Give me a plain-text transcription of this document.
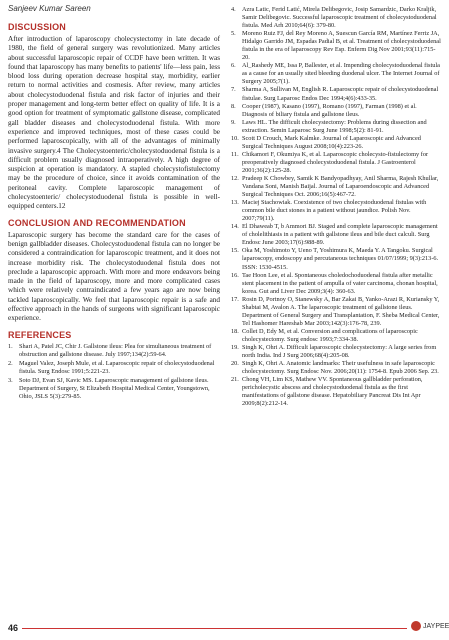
Sanjeev Kumar Sareen
DISCUSSION

After introduction of laparoscopy cholecystectomy in late decade of 1980, the field of general surgery was revolutionized. Many articles about successful laparoscopic repair of CCDF have been written. It was found that laparoscopy has many benefits to patients' life—less pain, less blood loss during operation decrease hospital stay, morbidity, earlier return to normal activities and cosmesis. After review, many articles about cholecystoduodenal fistula and risk factor of injuries and their proper management and long-term better effect on quality of life. It is a good option for treatment of symptomatic gallstone disease, complicated gall bladder diseases and cholecystoduodenal fistula. With more experience and improved techniques, most of these cases could be performed laparoscopically, with all of the advantages of minimally invasive surgery.4 The Cholecystoenteric/cholecystoduodenal fistula is a difficult problem usually diagnosed intraoperatively. A high degree of suspicion at operation is mandatory. A stapled cholecystofistulectomy may be the procedure of choice, since it avoids contamination of the peritoneal cavity. Complete laparoscopic management of cholecystoenteric/ cholecystoduodenal fistula is possible in well-equipped centers.12

CONCLUSION AND RECOMMENDATION

Laparoscopic surgery has become the standard care for the cases of benign gallbladder diseases. Cholecystoduodenal fistula can no longer be considered a contraindication for laparoscopic treatment, and it does not increase morbidity risk. The cholecystoduodenal fistula does not preclude a laparoscopic approach. With more and more endeavors being made in the field of laparoscopy, more and more complicated cases which were relatively contraindicated a few years ago are now being tackled laparoscopically. We feel that laparoscopic repair is a safe and effective approach in the hands of surgeons with significant laparoscopic experience.

REFERENCES
1. Shari A, Patel JC, Chir J. Gallstone ileus: Plea for simultaneous treatment of obstruction and gallstone disease. July 1997;134(2):59-64.
2. Maguel Valez, Joseph Mule, et al. Laparoscopic repair of cholecystoduodenal fistula. Surg Endosc 1991;5:221-23.
3. Soto DJ, Evan SJ, Kavic MS. Laparoscopic management of gallstone ileus. Department of Surgery, St Elizabeth Hospital Medical Center, Youngstown, Ohio, JSLS 5(3):279-85.
4. Azra Latic, Ferid Latić, Mirela Delibegovic, Josip Samardzic, Darko Kraljik, Samir Delibegovic. Successful laparoscopic treatment of cholecystoduodenal fistula. Med Arh 2010;64(6): 379-80.
5. Moreno Ruiz FJ, del Rey Moreno A, Suescun García RM, Martínez Ferriz JA, Hidalgo Garrido JM, Espadas Padial B, et al. Treatment of cholecystoduodenal fistula in the era of laparoscopy Rev Esp. Enferm Dig Nov 2001;93(11):715-20.
6. Al_Rashedy ME, Issa P, Ballester, et al. Impending cholecystoduodenal fistula as a cause for an usually sited bleeding duodenal ulcer. The Internet Journal of Surgery 2005;7(1).
7. Sharma A, Sullivan M, English R. Laparoscopic repair of cholecystoduodenal fistulae. Surg Laparosc Endos Dec 1994;4(6):433-35.
8. Cooper (1987), Kasano (1997), Romano (1997), Farman (1998) et al. Diagnosis of biliary fistula and gallstone ileus.
9. Laws HL. The difficult cholecystectomy: Problems during dissection and extraction. Semin Laparosc Surg June 1998;5(2): 81-91.
10. Scott D Crouch, Mark Kalmke. Journal of Laparoscopic and Advanced Surgical Techniques August 2008;10(4):223-26.
11. Chikamori F, Okumiya K, et al. Laparoscopic cholecysto-fistulectomy for preoperatively diagnosed cholecystoduodenal fistula. J Gastroenterol 2001;36(2):125-28.
12. Pradeep K Chowbey, Samik K Bandyopadhyay, Anil Sharma, Rajesh Khullar, Vandana Soni, Manish Baijal. Journal of Laparoendoscopic and Advanced Surgical Techniques Oct. 2006;16(5):467-72.
13. Maciej Stachowiak. Coexistence of two cholecystoduodenal fistulas with common bile duct stones in a patient without jaundice. Polish Nov. 2007;79(11).
14. El Dhaweab T, b Ammori BJ. Staged and complete laparoscopic management of cholelithiasis in a patient with gallstone ileus and bile duct calculi. Surg Endosc June 2003;17(6):988-89.
15. Oka M, Yoshimoto Y, Ueno T, Yoshimura K, Maeda Y. A Tangoku. Surgical laparoscopy, endoscopy and percutaneous techniques 01/07/1999; 9(3):213-6. ISSN: 1530-4515.
16. Tae Hoon Lee, et al. Spontaneous choledochoduodenal fistula after metallic stent placement in the patient of ampulla of vater carcinoma, chonan hospital, korea. Gut and Liver Dec 2009;3(4): 360-63.
17. Rosin D, Portnoy O, Stanewsky A, Bar Zakai B, Yanko-Arazi R, Kuriansky Y, Shabtai M, Avalon A. The laparoscopic treatment of gallstone ileus. Department of General Surgery and Transplantation, F. Sheba Medical Center, Tel Hashomer Hareshab Mar 2003;142(3):176-78, 239.
18. Collet D, Edy M, et al. Conversion and complications of laparoscopic cholecystectomy. Surg endosc 1993;7:334-38.
19. Singh K, Ohri A. Difficult laparoscopic cholecystectomy: A large series from north India. Ind J Surg 2006;68(4):205-08.
20. Singh K, Ohri A. Anatomic landmarks: Their usefulness in safe laparoscopic cholecystectomy. Surg Endosc Nov. 2006;20(11): 1754-8. Epub 2006 Sep. 23.
21. Chong VH, Lim KS, Mathew VV. Spontaneous gallbladder perforation, pericholecystic abscess and cholecystoduodenal fistula as the first manifestations of gallstone disease. Hepatobiliary Pancreat Dis Int Apr 2009;8(2):212-14.
46	JAYPEE
